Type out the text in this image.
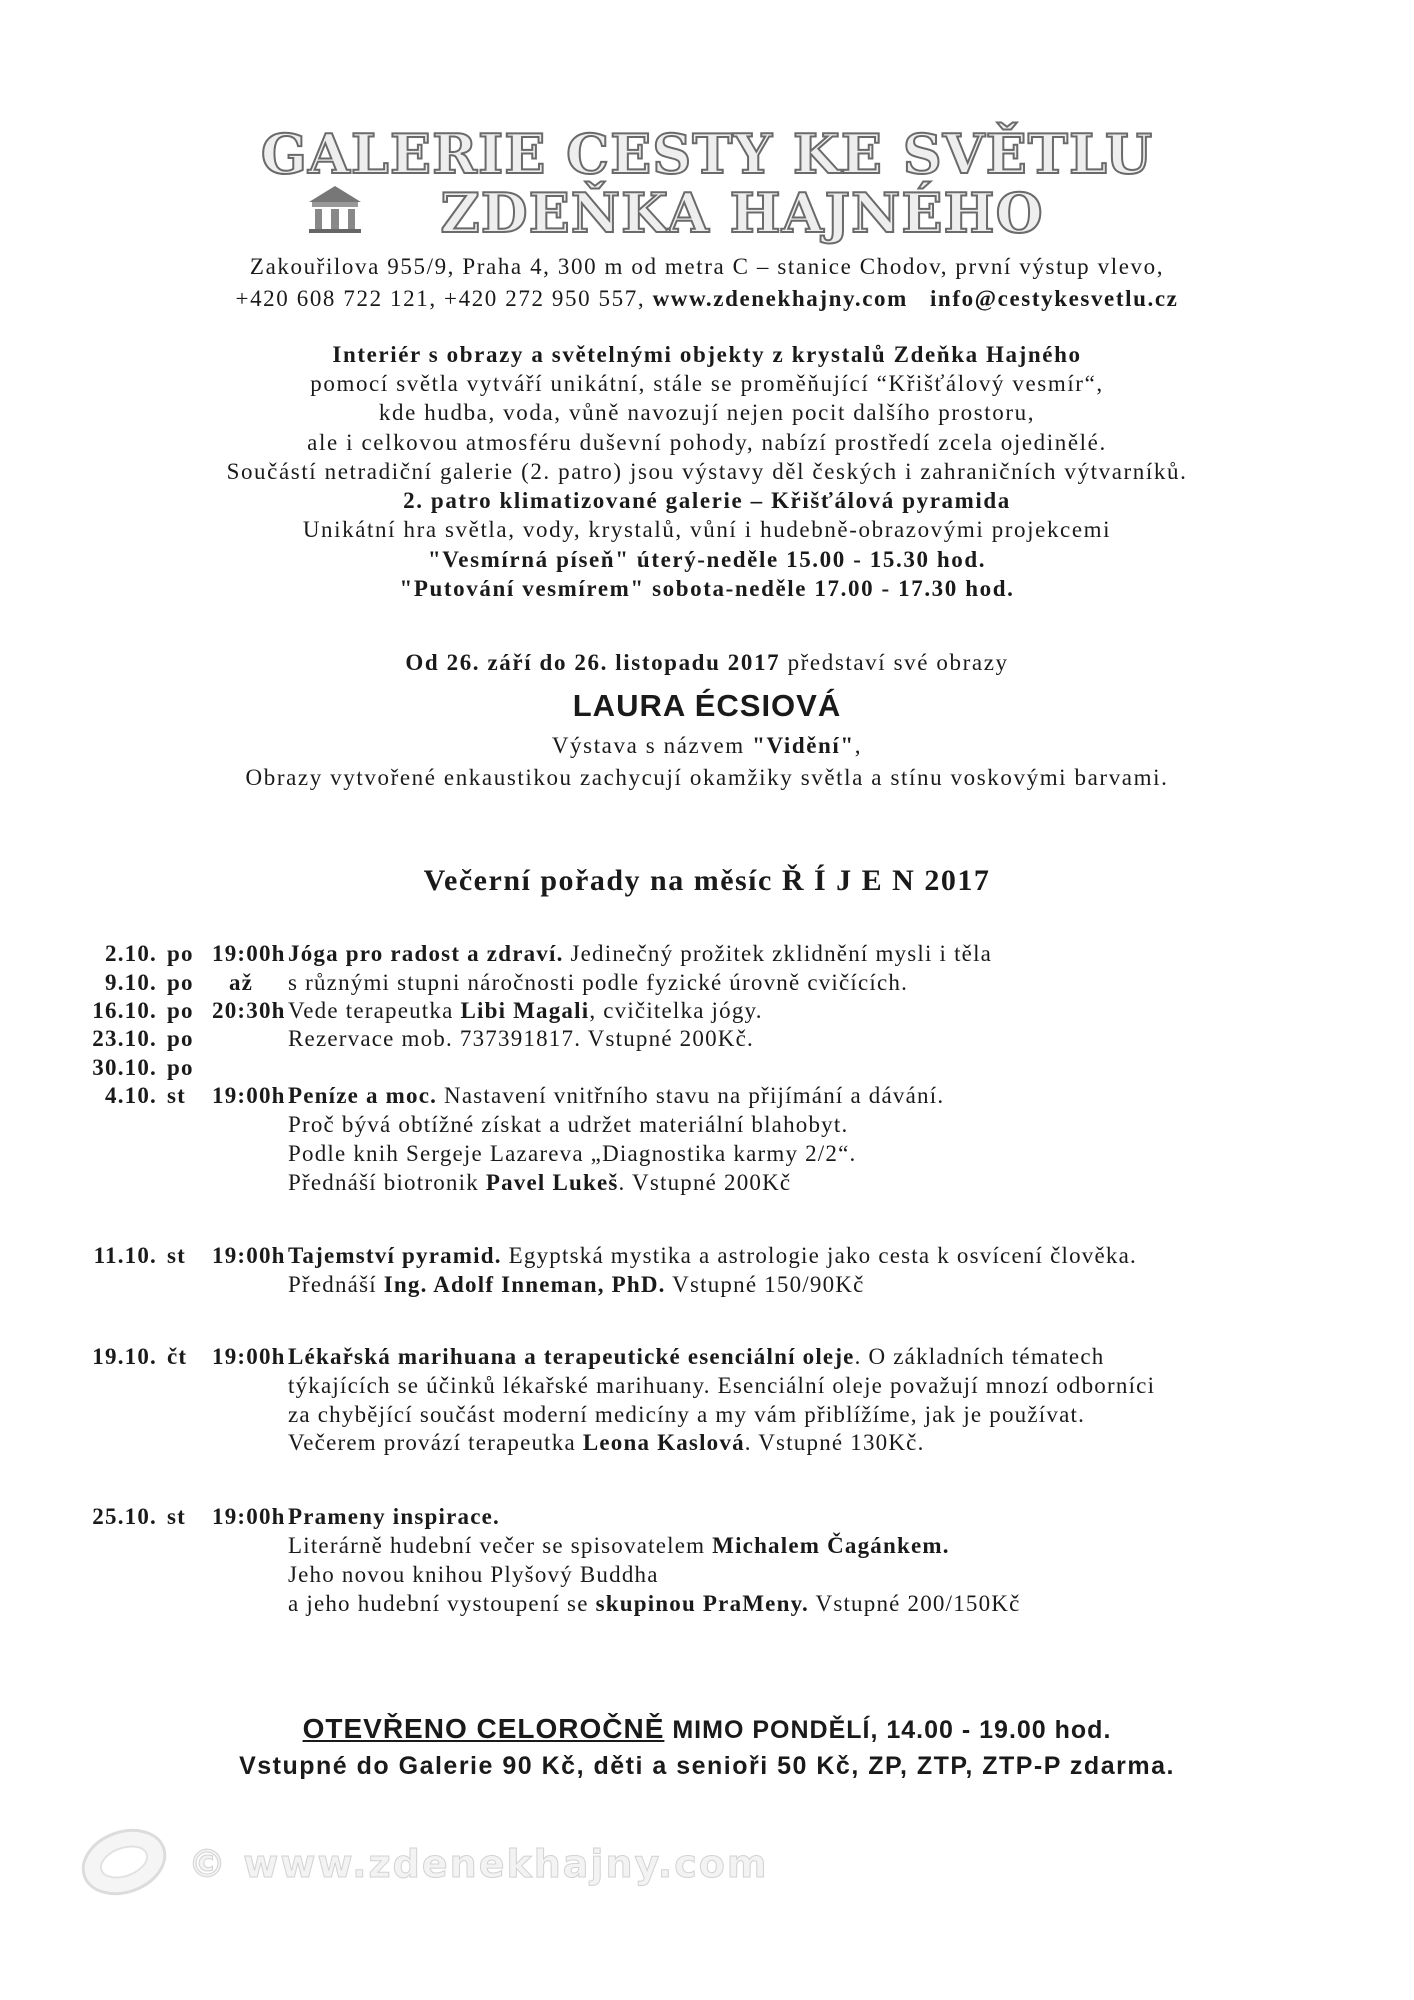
GALERIE CESTY KE SVĚTLU
ZDEŇKA HAJNÉHO
Zakouřilova 955/9, Praha 4, 300 m od metra C – stanice Chodov, první výstup vlevo,
+420 608 722 121, +420 272 950 557, www.zdenekhajny.com info@cestykesvetlu.cz
Interiér s obrazy a světelnými objekty z krystalů Zdeňka Hajného
pomocí světla vytváří unikátní, stále se proměňující “Křišťálový vesmír“,
kde hudba, voda, vůně navozují nejen pocit dalšího prostoru,
ale i celkovou atmosféru duševní pohody, nabízí prostředí zcela ojedinělé.
Součástí netradiční galerie (2. patro) jsou výstavy děl českých i zahraničních výtvarníků.
2. patro klimatizované galerie – Křišťálová pyramida
Unikátní hra světla, vody, krystalů, vůní i hudebně-obrazovými projekcemi
"Vesmírná píseň" úterý-neděle 15.00 - 15.30 hod.
"Putování vesmírem" sobota-neděle 17.00 - 17.30 hod.
Od 26. září do 26. listopadu 2017 představí své obrazy
LAURA ÉCSIOVÁ
Výstava s názvem "Vidění",
Obrazy vytvořené enkaustikou zachycují okamžiky světla a stínu voskovými barvami.
Večerní pořady na měsíc Ř Í J E N 2017
2.10. po 19:00h Jóga pro radost a zdraví. Jedinečný prožitek zklidnění mysli i těla
9.10. po	až	s různými stupni náročnosti podle fyzické úrovně cvičících.
16.10. po 20:30h Vede terapeutka Libi Magali, cvičitelka jógy.
23.10. po	Rezervace mob. 737391817. Vstupné 200Kč.
30.10. po
4.10. st 19:00h Peníze a moc. Nastavení vnitřního stavu na přijímání a dávání.
Proč bývá obtížné získat a udržet materiální blahobyt.
Podle knih Sergeje Lazareva „Diagnostika karmy 2/2“.
Přednáší biotronik Pavel Lukeš. Vstupné 200Kč
11.10. st 19:00h Tajemství pyramid. Egyptská mystika a astrologie jako cesta k osvícení člověka.
Přednáší Ing. Adolf Inneman, PhD. Vstupné 150/90Kč
19.10. čt 19:00h Lékařská marihuana a terapeutické esenciální oleje. O základních tématech
týkajících se účinků lékařské marihuany. Esenciální oleje považují mnozí odborníci
za chybějící součást moderní medicíny a my vám přiblížíme, jak je používat.
Večerem provází terapeutka Leona Kaslová. Vstupné 130Kč.
25.10. st 19:00h Prameny inspirace.
Literárně hudební večer se spisovatelem Michalem Čagánkem.
Jeho novou knihou Plyšový Buddha
a jeho hudební vystoupení se skupinou PraMeny. Vstupné 200/150Kč
OTEVŘENO CELOROČNĚ MIMO PONDĚLÍ, 14.00 - 19.00 hod.
Vstupné do Galerie 90 Kč, děti a senioři 50 Kč, ZP, ZTP, ZTP-P zdarma.
© www.zdenekhajny.com
